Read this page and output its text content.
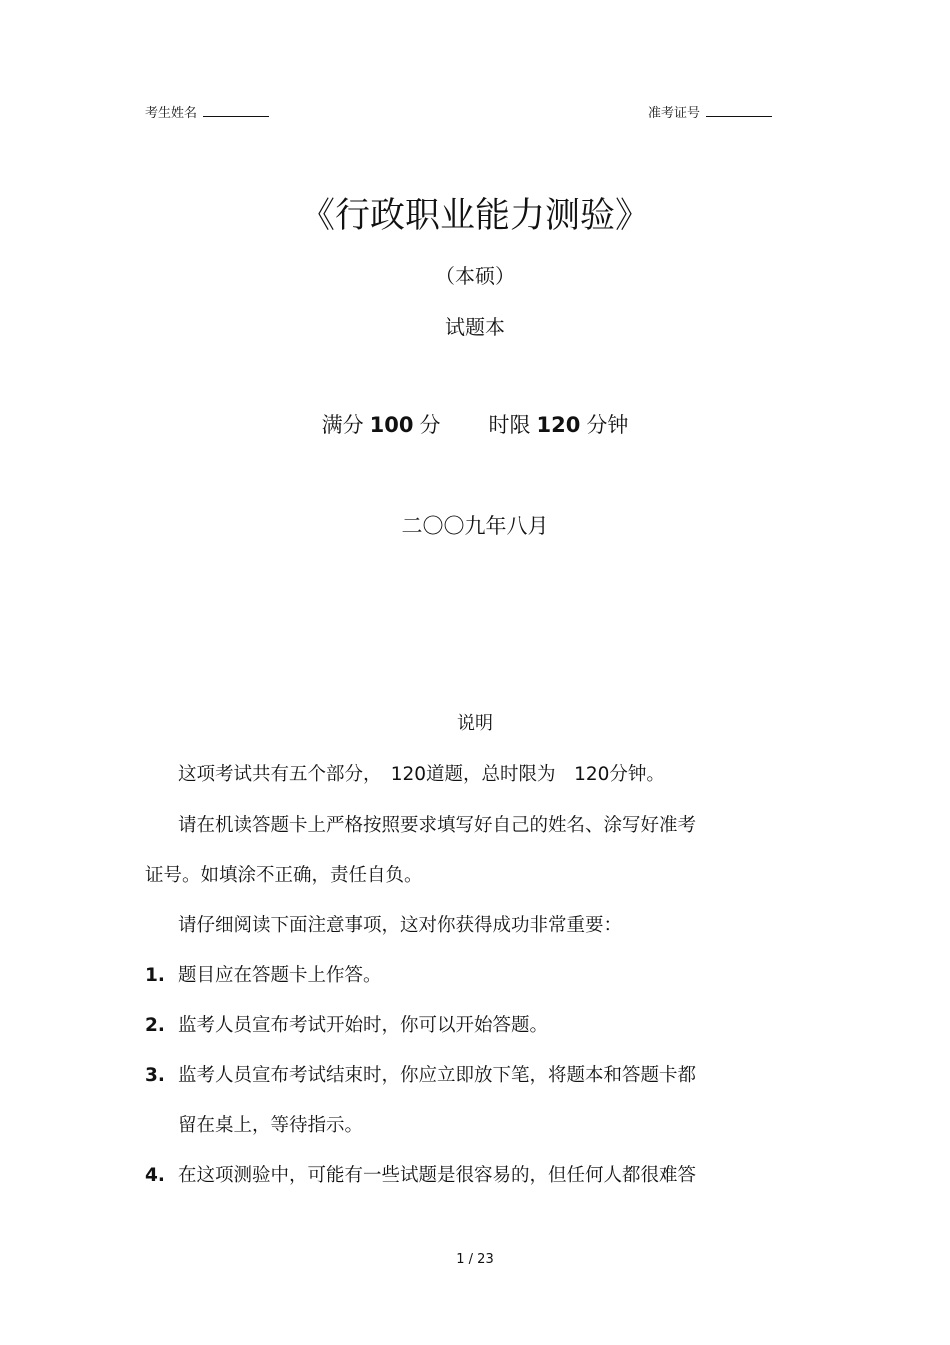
考生姓名	准考证号
《行政职业能力测验》
（本硕）
试题本
满分 100 分 时限 120 分钟
二〇〇九年八月
说明
这项考试共有五个部分，　120道题，总时限为　120分钟。
请在机读答题卡上严格按照要求填写好自己的姓名、涂写好准考
证号。如填涂不正确，责任自负。
请仔细阅读下面注意事项，这对你获得成功非常重要：
1. 题目应在答题卡上作答。
2. 监考人员宣布考试开始时，你可以开始答题。
3. 监考人员宣布考试结束时，你应立即放下笔，将题本和答题卡都
留在桌上，等待指示。
4. 在这项测验中，可能有一些试题是很容易的，但任何人都很难答
1 / 23
